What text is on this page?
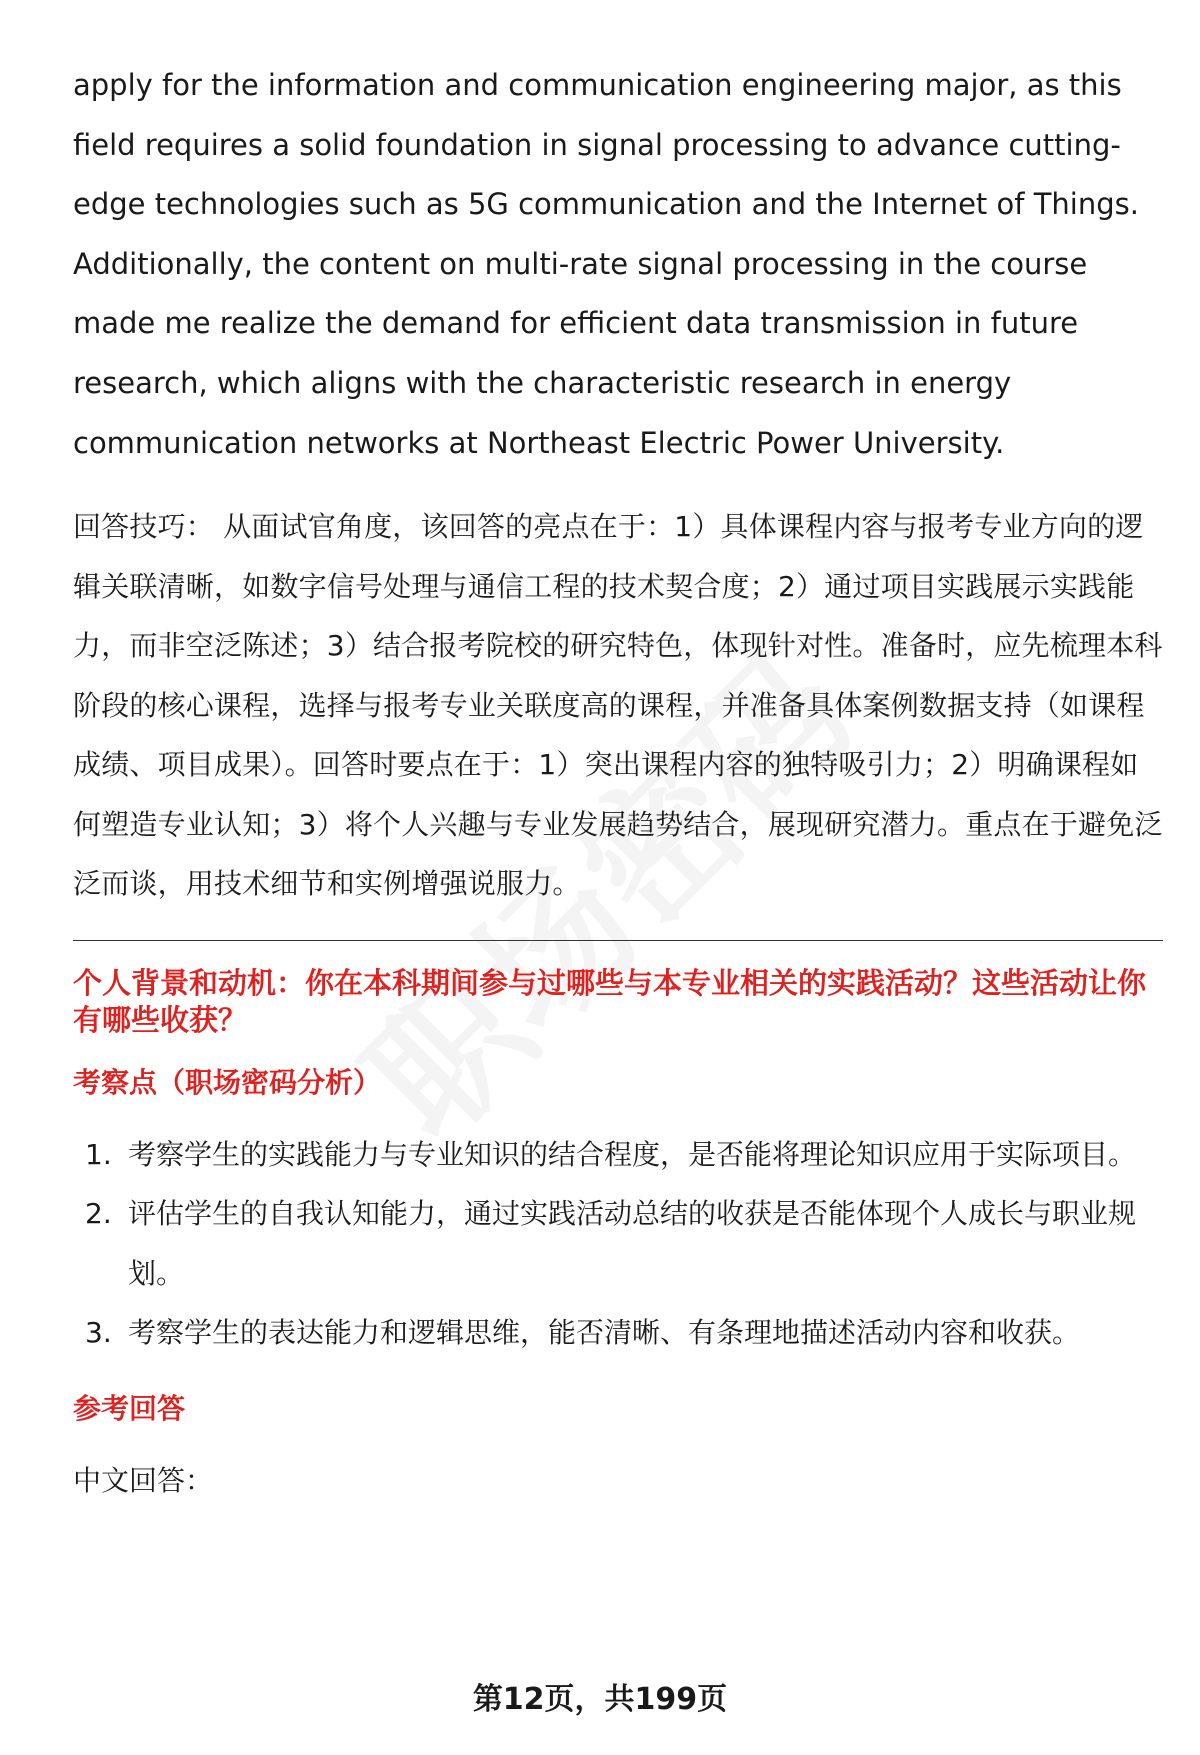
apply for the information and communication engineering major, as this field requires a solid foundation in signal processing to advance cutting-edge technologies such as 5G communication and the Internet of Things. Additionally, the content on multi-rate signal processing in the course made me realize the demand for efficient data transmission in future research, which aligns with the characteristic research in energy communication networks at Northeast Electric Power University.

回答技巧： 从面试官角度，该回答的亮点在于：1）具体课程内容与报考专业方向的逻辑关联清晰，如数字信号处理与通信工程的技术契合度；2）通过项目实践展示实践能力，而非空泛陈述；3）结合报考院校的研究特色，体现针对性。准备时，应先梳理本科阶段的核心课程，选择与报考专业关联度高的课程，并准备具体案例数据支持（如课程成绩、项目成果）。回答时要点在于：1）突出课程内容的独特吸引力；2）明确课程如何塑造专业认知；3）将个人兴趣与专业发展趋势结合，展现研究潜力。重点在于避免泛泛而谈，用技术细节和实例增强说服力。

个人背景和动机：你在本科期间参与过哪些与本专业相关的实践活动？这些活动让你有哪些收获？
考察点（职场密码分析）
1. 考察学生的实践能力与专业知识的结合程度，是否能将理论知识应用于实际项目。
2. 评估学生的自我认知能力，通过实践活动总结的收获是否能体现个人成长与职业规划。
3. 考察学生的表达能力和逻辑思维，能否清晰、有条理地描述活动内容和收获。
参考回答
中文回答：
第12页，共199页
